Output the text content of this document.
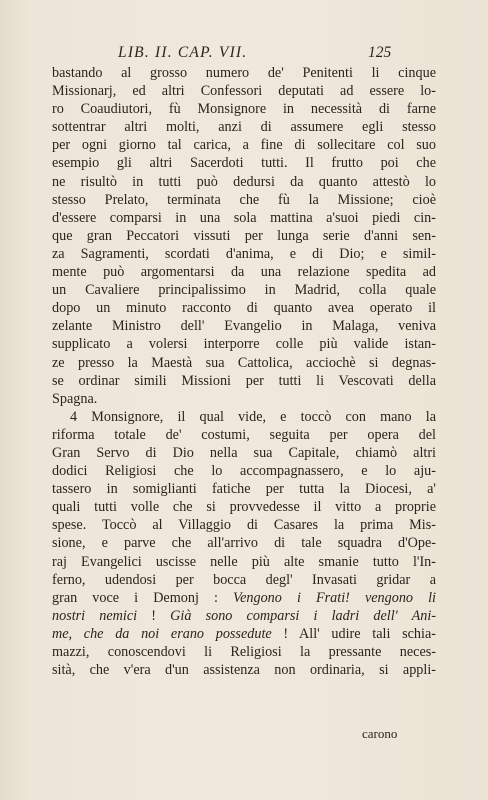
LIB. II. CAP. VII.	125
bastando al grosso numero de' Penitenti li cinque
Missionarj, ed altri Confessori deputati ad essere lo-
ro Coaudiutori, fù Monsignore in necessità di farne
sottentrar altri molti, anzi di assumere egli stesso
per ogni giorno tal carica, a fine di sollecitare col suo
esempio gli altri Sacerdoti tutti. Il frutto poi che
ne risultò in tutti può dedursi da quanto attestò lo
stesso Prelato, terminata che fù la Missione; cioè
d'essere comparsi in una sola mattina a'suoi piedi cin-
que gran Peccatori vissuti per lunga serie d'anni sen-
za Sagramenti, scordati d'anima, e di Dio; e simil-
mente può argomentarsi da una relazione spedita ad
un Cavaliere principalissimo in Madrid, colla quale
dopo un minuto racconto di quanto avea operato il
zelante Ministro dell' Evangelio in Malaga, veniva
supplicato a volersi interporre colle più valide istan-
ze presso la Maestà sua Cattolica, acciochè si degnas-
se ordinar simili Missioni per tutti li Vescovati della
Spagna.
4 Monsignore, il qual vide, e toccò con mano la
riforma totale de' costumi, seguita per opera del
Gran Servo di Dio nella sua Capitale, chiamò altri
dodici Religiosi che lo accompagnassero, e lo aju-
tassero in somiglianti fatiche per tutta la Diocesi, a'
quali tutti volle che si provvedesse il vitto a proprie
spese. Toccò al Villaggio di Casares la prima Mis-
sione, e parve che all'arrivo di tale squadra d'Ope-
raj Evangelici uscisse nelle più alte smanie tutto l'In-
ferno, udendosi per bocca degl' Invasati gridar a
gran voce i Demonj : Vengono i Frati! vengono li
nostri nemici ! Già sono comparsi i ladri dell' Ani-
me, che da noi erano possedute ! All' udire tali schia-
mazzi, conoscendovi li Religiosi la pressante neces-
sità, che v'era d'un assistenza non ordinaria, si appli-
carono
